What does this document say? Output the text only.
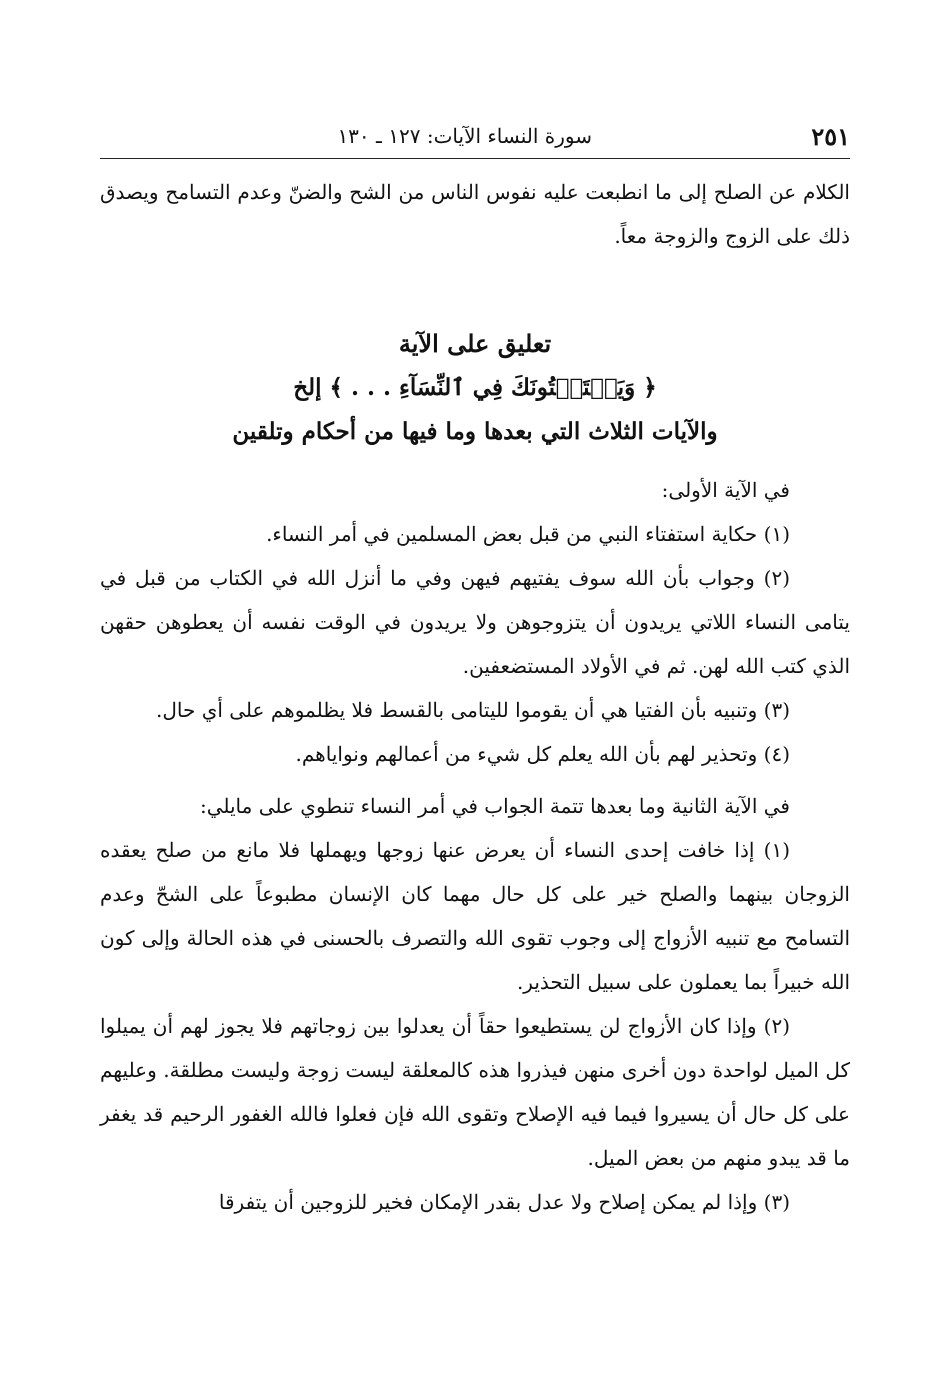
٢٥١
سورة النساء الآيات: ١٢٧ ـ ١٣٠

الكلام عن الصلح إلى ما انطبعت عليه نفوس الناس من الشح والضنّ وعدم التسامح ويصدق ذلك على الزوج والزوجة معاً.

تعليق على الآية
﴿ وَيَسۡتَفۡتُونَكَ فِي ٱلنِّسَآءِ . . . ﴾ إلخ
والآيات الثلاث التي بعدها وما فيها من أحكام وتلقين

في الآية الأولى:

(١) حكاية استفتاء النبي من قبل بعض المسلمين في أمر النساء.

(٢) وجواب بأن الله سوف يفتيهم فيهن وفي ما أنزل الله في الكتاب من قبل في يتامى النساء اللاتي يريدون أن يتزوجوهن ولا يريدون في الوقت نفسه أن يعطوهن حقهن الذي كتب الله لهن. ثم في الأولاد المستضعفين.

(٣) وتنبيه بأن الفتيا هي أن يقوموا لليتامى بالقسط فلا يظلموهم على أي حال.

(٤) وتحذير لهم بأن الله يعلم كل شيء من أعمالهم ونواياهم.

في الآية الثانية وما بعدها تتمة الجواب في أمر النساء تنطوي على مايلي:

(١) إذا خافت إحدى النساء أن يعرض عنها زوجها ويهملها فلا مانع من صلح يعقده الزوجان بينهما والصلح خير على كل حال مهما كان الإنسان مطبوعاً على الشحّ وعدم التسامح مع تنبيه الأزواج إلى وجوب تقوى الله والتصرف بالحسنى في هذه الحالة وإلى كون الله خبيراً بما يعملون على سبيل التحذير.

(٢) وإذا كان الأزواج لن يستطيعوا حقاً أن يعدلوا بين زوجاتهم فلا يجوز لهم أن يميلوا كل الميل لواحدة دون أخرى منهن فيذروا هذه كالمعلقة ليست زوجة وليست مطلقة. وعليهم على كل حال أن يسيروا فيما فيه الإصلاح وتقوى الله فإن فعلوا فالله الغفور الرحيم قد يغفر ما قد يبدو منهم من بعض الميل.

(٣) وإذا لم يمكن إصلاح ولا عدل بقدر الإمكان فخير للزوجين أن يتفرقا
